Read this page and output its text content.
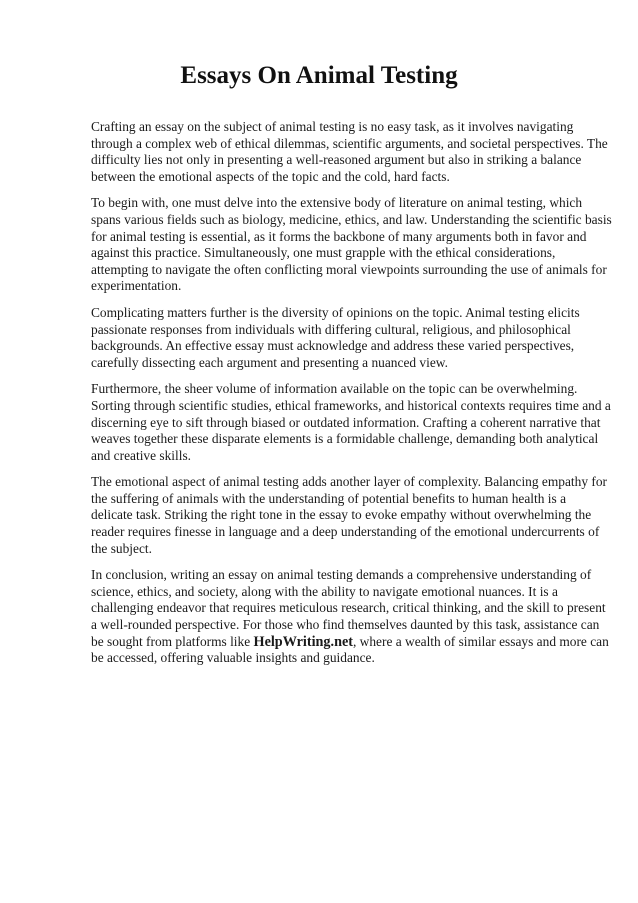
Essays On Animal Testing

Crafting an essay on the subject of animal testing is no easy task, as it involves navigating
through a complex web of ethical dilemmas, scientific arguments, and societal perspectives. The
difficulty lies not only in presenting a well-reasoned argument but also in striking a balance
between the emotional aspects of the topic and the cold, hard facts.

To begin with, one must delve into the extensive body of literature on animal testing, which
spans various fields such as biology, medicine, ethics, and law. Understanding the scientific basis
for animal testing is essential, as it forms the backbone of many arguments both in favor and
against this practice. Simultaneously, one must grapple with the ethical considerations,
attempting to navigate the often conflicting moral viewpoints surrounding the use of animals for
experimentation.

Complicating matters further is the diversity of opinions on the topic. Animal testing elicits
passionate responses from individuals with differing cultural, religious, and philosophical
backgrounds. An effective essay must acknowledge and address these varied perspectives,
carefully dissecting each argument and presenting a nuanced view.

Furthermore, the sheer volume of information available on the topic can be overwhelming.
Sorting through scientific studies, ethical frameworks, and historical contexts requires time and a
discerning eye to sift through biased or outdated information. Crafting a coherent narrative that
weaves together these disparate elements is a formidable challenge, demanding both analytical
and creative skills.

The emotional aspect of animal testing adds another layer of complexity. Balancing empathy for
the suffering of animals with the understanding of potential benefits to human health is a
delicate task. Striking the right tone in the essay to evoke empathy without overwhelming the
reader requires finesse in language and a deep understanding of the emotional undercurrents of
the subject.

In conclusion, writing an essay on animal testing demands a comprehensive understanding of
science, ethics, and society, along with the ability to navigate emotional nuances. It is a
challenging endeavor that requires meticulous research, critical thinking, and the skill to present
a well-rounded perspective. For those who find themselves daunted by this task, assistance can
be sought from platforms like HelpWriting.net, where a wealth of similar essays and more can
be accessed, offering valuable insights and guidance.
